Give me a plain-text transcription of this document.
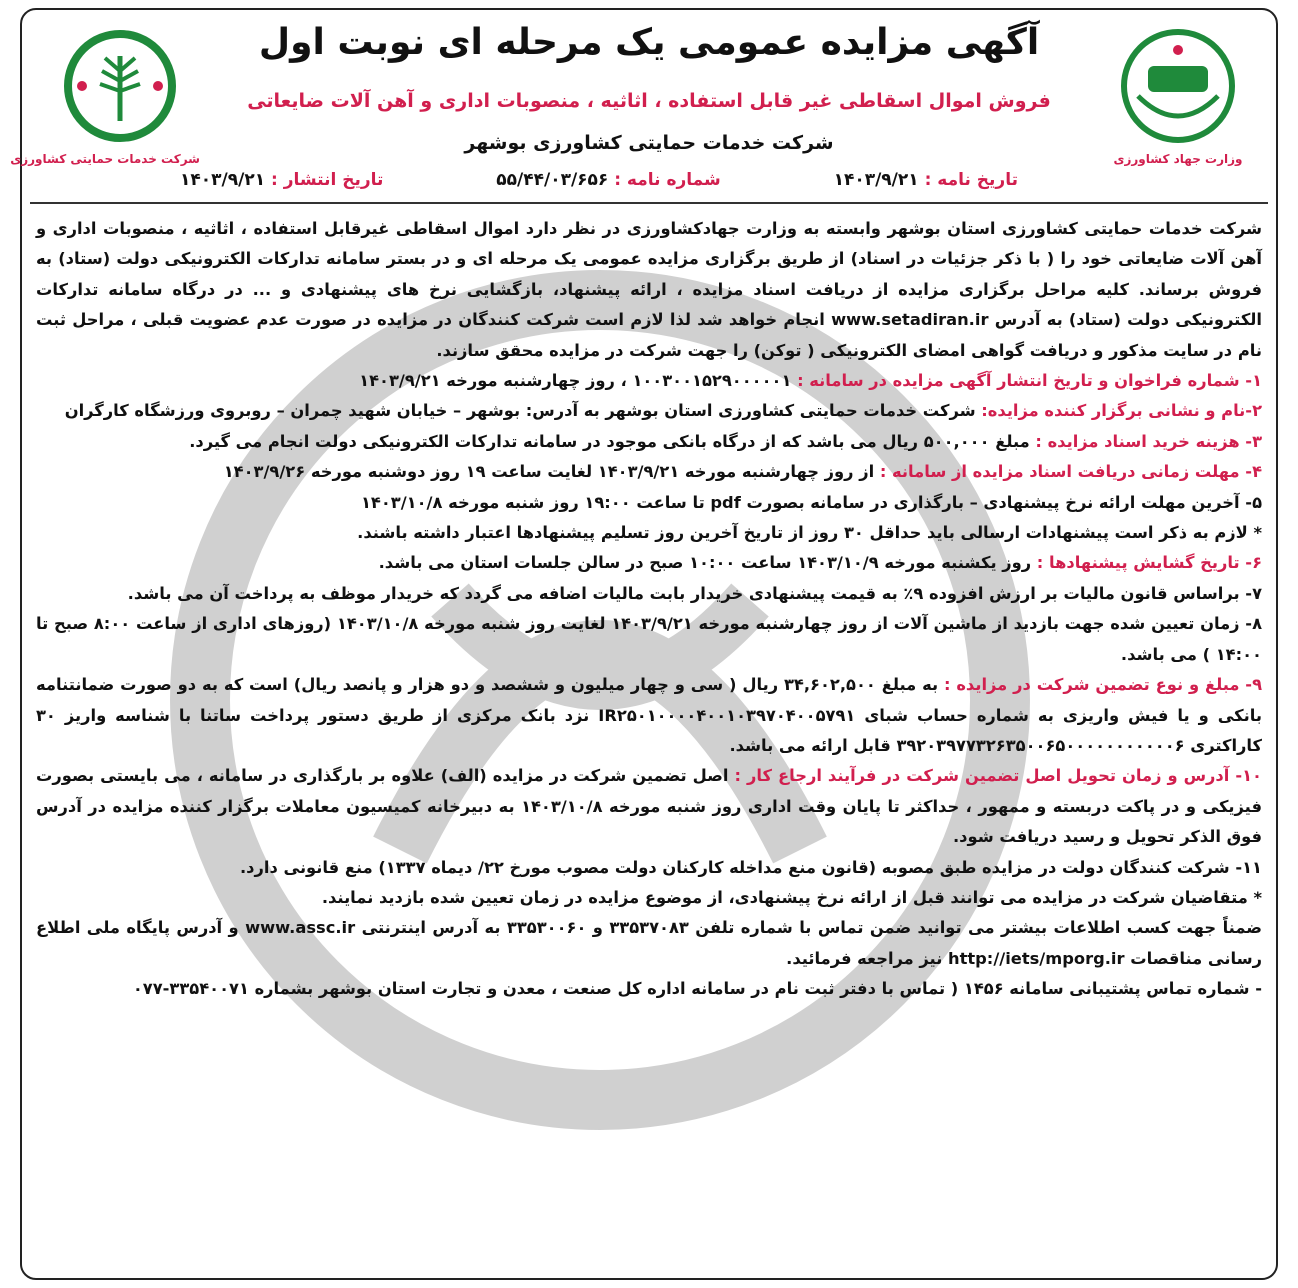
وزارت جهاد کشاورزی
شرکت خدمات حمایتی کشاورزی
آگهی مزایده عمومی یک مرحله ای نوبت اول
فروش اموال اسقاطی غیر قابل استفاده ، اثاثیه ، منصوبات اداری و آهن آلات ضایعاتی
شرکت خدمات حمایتی کشاورزی بوشهر
تاریخ نامه : ۱۴۰۳/۹/۲۱
شماره نامه : ۵۵/۴۴/۰۳/۶۵۶
تاریخ انتشار : ۱۴۰۳/۹/۲۱

شرکت خدمات حمایتی کشاورزی استان بوشهر وابسته به وزارت جهادکشاورزی در نظر دارد اموال اسقاطی غیرقابل استفاده ، اثاثیه ، منصوبات اداری و آهن آلات ضایعاتی خود را ( با ذکر جزئیات در اسناد) از طریق برگزاری مزایده عمومی یک مرحله ای و در بستر سامانه تدارکات الکترونیکی دولت (ستاد) به فروش برساند. کلیه مراحل برگزاری مزایده از دریافت اسناد مزایده ، ارائه پیشنهاد، بازگشایی نرخ های پیشنهادی و ... در درگاه سامانه تدارکات الکترونیکی دولت (ستاد) به آدرس www.setadiran.ir انجام خواهد شد لذا لازم است شرکت کنندگان در مزایده در صورت عدم عضویت قبلی ، مراحل ثبت نام در سایت مذکور و دریافت گواهی امضای الکترونیکی ( توکن) را جهت شرکت در مزایده محقق سازند.

۱- شماره فراخوان و تاریخ انتشار آگهی مزایده در سامانه : ۱۰۰۳۰۰۱۵۲۹۰۰۰۰۰۱ ، روز چهارشنبه مورخه ۱۴۰۳/۹/۲۱

۲-نام و نشانی برگزار کننده مزایده: شرکت خدمات حمایتی کشاورزی استان بوشهر به آدرس: بوشهر – خیابان شهید چمران – روبروی ورزشگاه کارگران

۳- هزینه خرید اسناد مزایده : مبلغ ۵۰۰,۰۰۰ ریال می باشد که از درگاه بانکی موجود در سامانه تدارکات الکترونیکی دولت انجام می گیرد.

۴- مهلت زمانی دریافت اسناد مزایده از سامانه : از روز چهارشنبه مورخه ۱۴۰۳/۹/۲۱ لغایت ساعت ۱۹ روز دوشنبه مورخه ۱۴۰۳/۹/۲۶

۵- آخرین مهلت ارائه نرخ پیشنهادی – بارگذاری در سامانه بصورت pdf تا ساعت ۱۹:۰۰ روز شنبه مورخه ۱۴۰۳/۱۰/۸

* لازم به ذکر است پیشنهادات ارسالی باید حداقل ۳۰ روز از تاریخ آخرین روز تسلیم پیشنهادها اعتبار داشته باشند.

۶- تاریخ گشایش پیشنهادها : روز یکشنبه مورخه ۱۴۰۳/۱۰/۹ ساعت ۱۰:۰۰ صبح در سالن جلسات استان می باشد.

۷- براساس قانون مالیات بر ارزش افزوده ۹٪ به قیمت پیشنهادی خریدار بابت مالیات اضافه می گردد که خریدار موظف به پرداخت آن می باشد.

۸- زمان تعیین شده جهت بازدید از ماشین آلات از روز چهارشنبه مورخه ۱۴۰۳/۹/۲۱ لغایت روز شنبه مورخه ۱۴۰۳/۱۰/۸ (روزهای اداری از ساعت ۸:۰۰ صبح تا ۱۴:۰۰ ) می باشد.

۹- مبلغ و نوع تضمین شرکت در مزایده : به مبلغ ۳۴,۶۰۲,۵۰۰ ریال ( سی و چهار میلیون و ششصد و دو هزار و پانصد ریال) است که به دو صورت ضمانتنامه بانکی و یا فیش واریزی به شماره حساب شبای IR۲۵۰۱۰۰۰۰۴۰۰۱۰۳۹۷۰۴۰۰۵۷۹۱ نزد بانک مرکزی از طریق دستور پرداخت ساتنا با شناسه واریز ۳۰ کاراکتری ۳۹۲۰۳۹۷۷۳۲۶۳۵۰۰۶۵۰۰۰۰۰۰۰۰۰۰۰۶ قابل ارائه می باشد.

۱۰- آدرس و زمان تحویل اصل تضمین شرکت در فرآیند ارجاع کار : اصل تضمین شرکت در مزایده (الف) علاوه بر بارگذاری در سامانه ، می بایستی بصورت فیزیکی و در پاکت دربسته و ممهور ، حداکثر تا پایان وقت اداری روز شنبه مورخه ۱۴۰۳/۱۰/۸ به دبیرخانه کمیسیون معاملات برگزار کننده مزایده در آدرس فوق الذکر تحویل و رسید دریافت شود.

۱۱- شرکت کنندگان دولت در مزایده طبق مصوبه (قانون منع مداخله کارکنان دولت مصوب مورخ ۲۲/ دیماه ۱۳۳۷) منع قانونی دارد.

* متقاضیان شرکت در مزایده می توانند قبل از ارائه نرخ پیشنهادی، از موضوع مزایده در زمان تعیین شده بازدید نمایند.

ضمناً جهت کسب اطلاعات بیشتر می توانید ضمن تماس با شماره تلفن ۳۳۵۳۷۰۸۳ و ۳۳۵۳۰۰۶۰ به آدرس اینترنتی www.assc.ir و آدرس پایگاه ملی اطلاع رسانی مناقصات http://iets/mporg.ir نیز مراجعه فرمائید.

- شماره تماس پشتیبانی سامانه ۱۴۵۶ ( تماس با دفتر ثبت نام در سامانه اداره کل صنعت ، معدن و تجارت استان بوشهر بشماره ۳۳۵۴۰۰۷۱-۰۷۷
